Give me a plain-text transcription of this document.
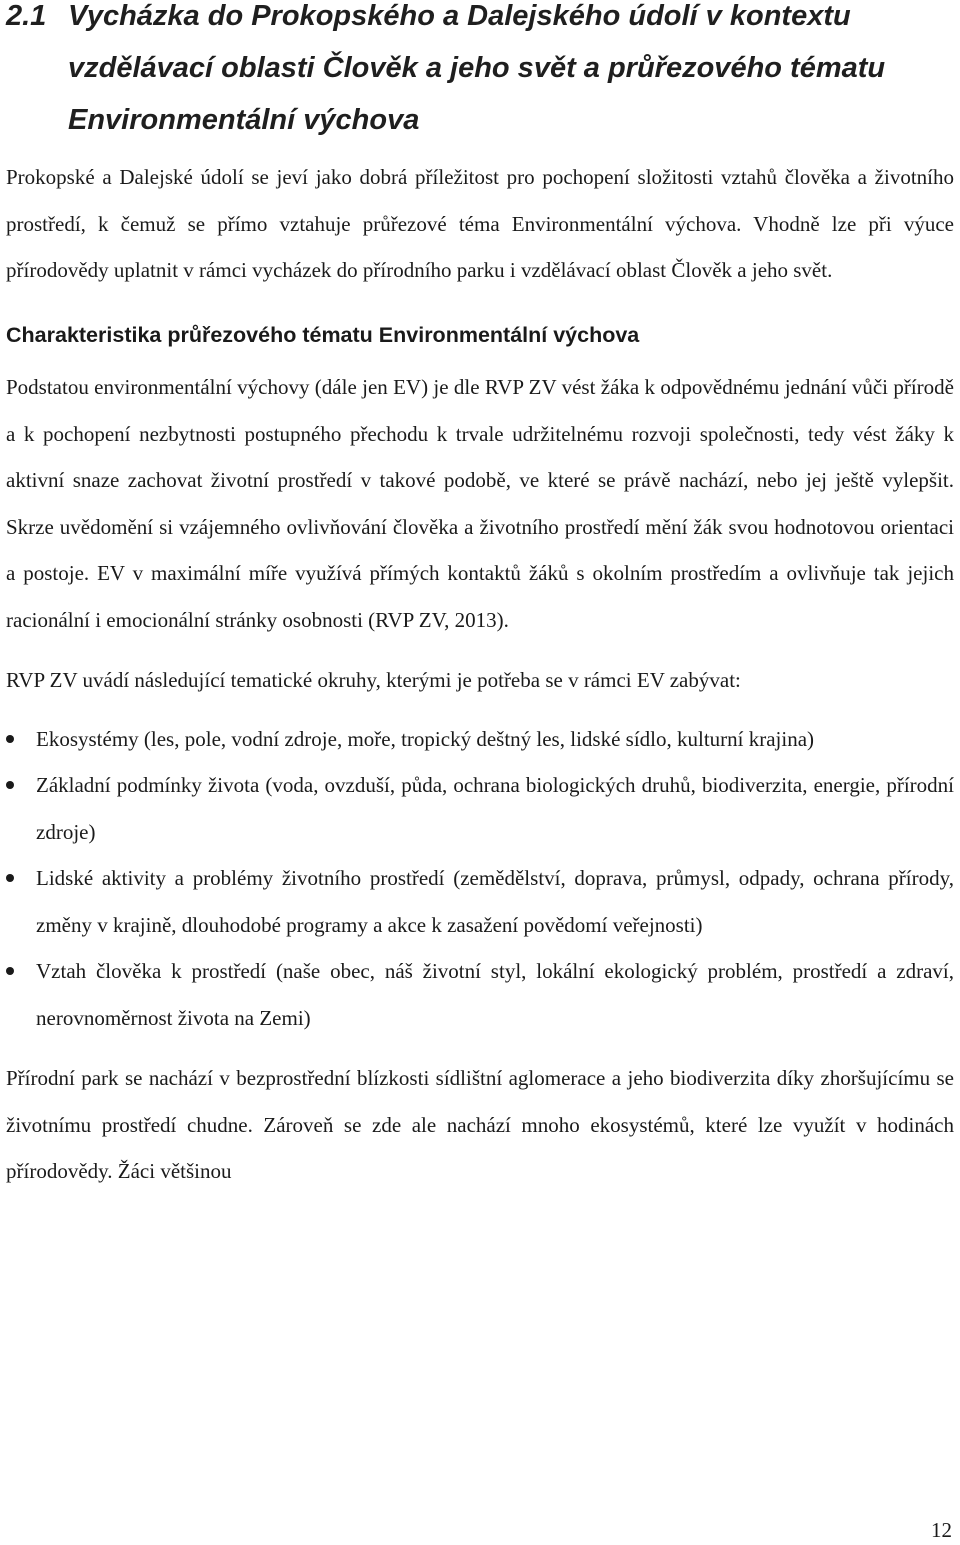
2.1 Vycházka do Prokopského a Dalejského údolí v kontextu vzdělávací oblasti Člověk a jeho svět a průřezového tématu Environmentální výchova

Prokopské a Dalejské údolí se jeví jako dobrá příležitost pro pochopení složitosti vztahů člověka a životního prostředí, k čemuž se přímo vztahuje průřezové téma Environmentální výchova. Vhodně lze při výuce přírodovědy uplatnit v rámci vycházek do přírodního parku i vzdělávací oblast Člověk a jeho svět.

Charakteristika průřezového tématu Environmentální výchova

Podstatou environmentální výchovy (dále jen EV) je dle RVP ZV vést žáka k odpovědnému jednání vůči přírodě a k pochopení nezbytnosti postupného přechodu k trvale udržitelnému rozvoji společnosti, tedy vést žáky k aktivní snaze zachovat životní prostředí v takové podobě, ve které se právě nachází, nebo jej ještě vylepšit. Skrze uvědomění si vzájemného ovlivňování člověka a životního prostředí mění žák svou hodnotovou orientaci a postoje. EV v maximální míře využívá přímých kontaktů žáků s okolním prostředím a ovlivňuje tak jejich racionální i emocionální stránky osobnosti (RVP ZV, 2013).

RVP ZV uvádí následující tematické okruhy, kterými je potřeba se v rámci EV zabývat:

Ekosystémy (les, pole, vodní zdroje, moře, tropický deštný les, lidské sídlo, kulturní krajina)
Základní podmínky života (voda, ovzduší, půda, ochrana biologických druhů, biodiverzita, energie, přírodní zdroje)
Lidské aktivity a problémy životního prostředí (zemědělství, doprava, průmysl, odpady, ochrana přírody, změny v krajině, dlouhodobé programy a akce k zasažení povědomí veřejnosti)
Vztah člověka k prostředí (naše obec, náš životní styl, lokální ekologický problém, prostředí a zdraví, nerovnoměrnost života na Zemi)

Přírodní park se nachází v bezprostřední blízkosti sídlištní aglomerace a jeho biodiverzita díky zhoršujícímu se životnímu prostředí chudne. Zároveň se zde ale nachází mnoho ekosystémů, které lze využít v hodinách přírodovědy. Žáci většinou

12
